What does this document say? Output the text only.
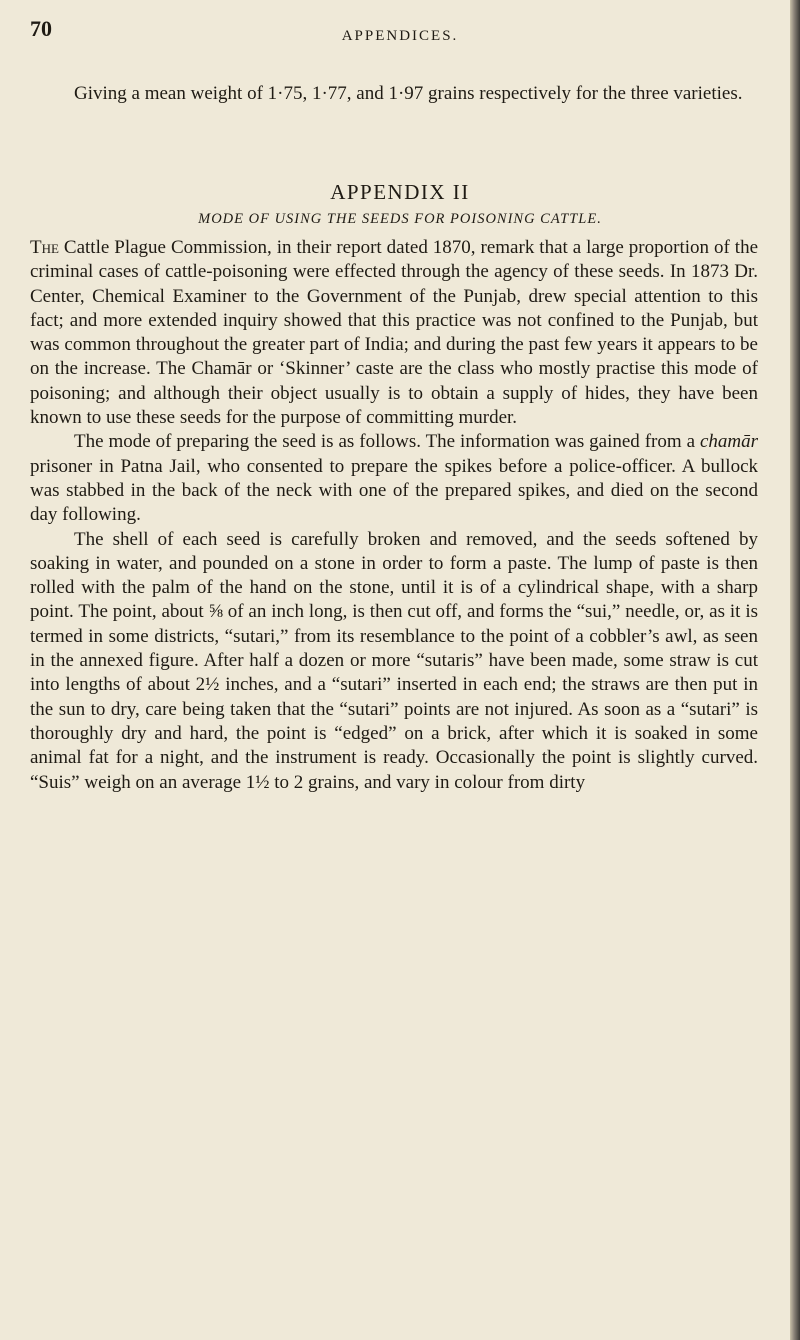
70	APPENDICES.

Giving a mean weight of 1·75, 1·77, and 1·97 grains respectively for the three varieties.

APPENDIX II
MODE OF USING THE SEEDS FOR POISONING CATTLE.

The Cattle Plague Commission, in their report dated 1870, remark that a large proportion of the criminal cases of cattle-poisoning were effected through the agency of these seeds. In 1873 Dr. Center, Chemical Examiner to the Government of the Punjab, drew special attention to this fact; and more extended inquiry showed that this practice was not confined to the Punjab, but was common throughout the greater part of India; and during the past few years it appears to be on the increase. The Chamār or ‘Skinner’ caste are the class who mostly practise this mode of poisoning; and although their object usually is to obtain a supply of hides, they have been known to use these seeds for the purpose of committing murder.

The mode of preparing the seed is as follows. The information was gained from a chamār prisoner in Patna Jail, who consented to prepare the spikes before a police-officer. A bullock was stabbed in the back of the neck with one of the prepared spikes, and died on the second day following.

The shell of each seed is carefully broken and removed, and the seeds softened by soaking in water, and pounded on a stone in order to form a paste. The lump of paste is then rolled with the palm of the hand on the stone, until it is of a cylindrical shape, with a sharp point. The point, about ⅝ of an inch long, is then cut off, and forms the “sui,” needle, or, as it is termed in some districts, “sutari,” from its resemblance to the point of a cobbler’s awl, as seen in the annexed figure. After half a dozen or more “sutaris” have been made, some straw is cut into lengths of about 2½ inches, and a “sutari” inserted in each end; the straws are then put in the sun to dry, care being taken that the “sutari” points are not injured. As soon as a “sutari” is thoroughly dry and hard, the point is “edged” on a brick, after which it is soaked in some animal fat for a night, and the instrument is ready. Occasionally the point is slightly curved. “Suis” weigh on an average 1½ to 2 grains, and vary in colour from dirty
